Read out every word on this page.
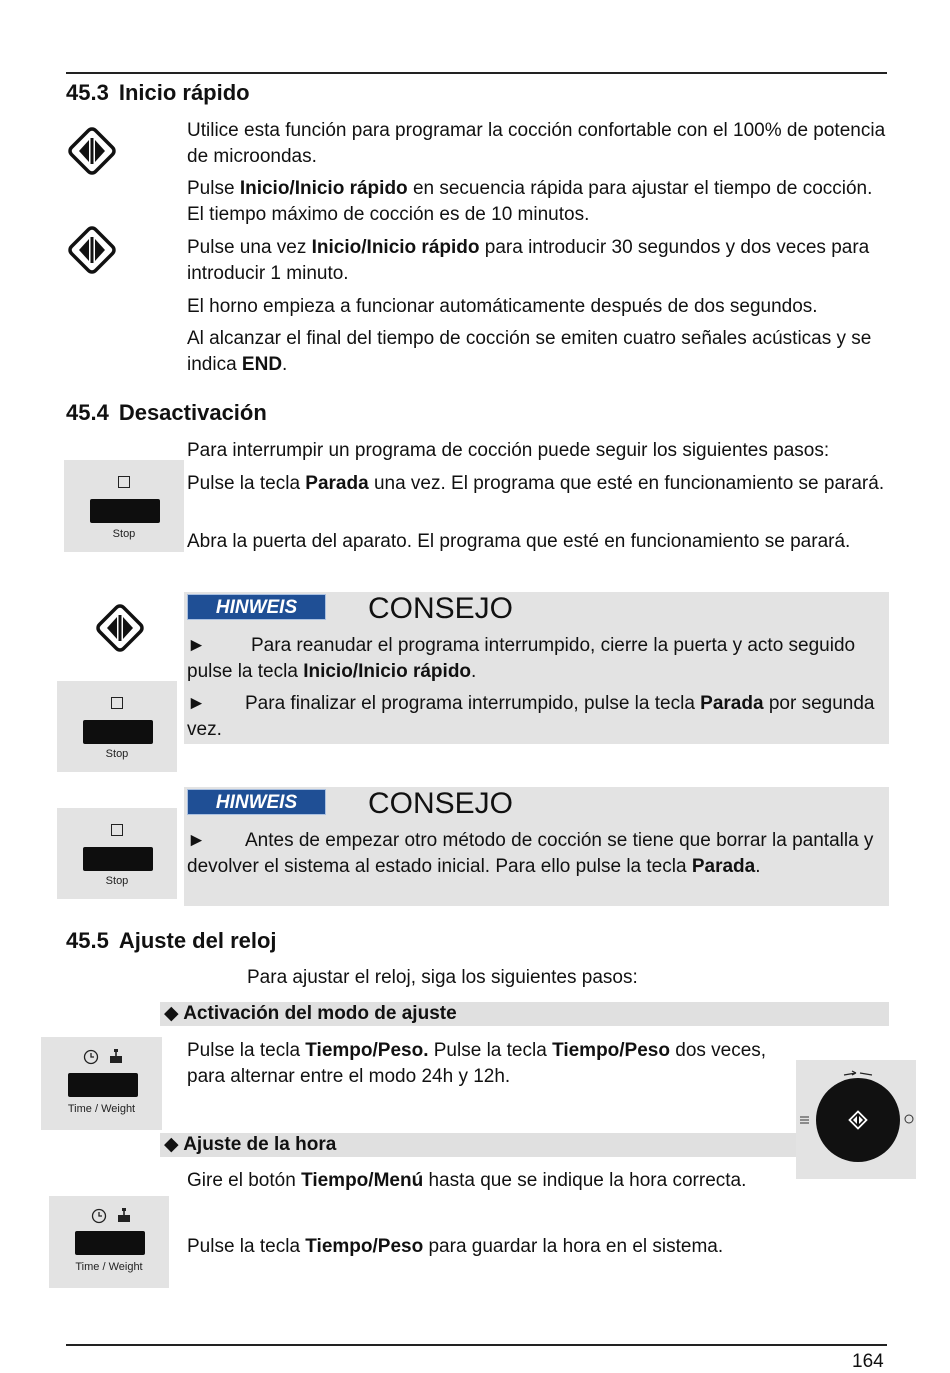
45.3 Inicio rápido
Utilice esta función para programar la cocción confortable con el 100% de potencia de microondas.
Pulse Inicio/Inicio rápido en secuencia rápida para ajustar el tiempo de cocción. El tiempo máximo de cocción es de 10 minutos.
Pulse una vez Inicio/Inicio rápido para introducir 30 segundos y dos veces para introducir 1 minuto.
El horno empieza a funcionar automáticamente después de dos segundos.
Al alcanzar el final del tiempo de cocción se emiten cuatro señales acústicas y se indica END.
45.4 Desactivación
Para interrumpir un programa de cocción puede seguir los siguientes pasos:
Stop
Pulse la tecla Parada una vez. El programa que esté en funcionamiento se parará.
Abra la puerta del aparato. El programa que esté en funcionamiento se parará.
HINWEIS	CONSEJO
► Para reanudar el programa interrumpido, cierre la puerta y acto seguido pulse la tecla Inicio/Inicio rápido.
► Para finalizar el programa interrumpido, pulse la tecla Parada por segunda vez.
Stop
HINWEIS	CONSEJO
► Antes de empezar otro método de cocción se tiene que borrar la pantalla y devolver el sistema al estado inicial. Para ello pulse la tecla Parada.
Stop
45.5 Ajuste del reloj
Para ajustar el reloj, siga los siguientes pasos:
◆ Activación del modo de ajuste
Time / Weight
Pulse la tecla Tiempo/Peso. Pulse la tecla Tiempo/Peso dos veces, para alternar entre el modo 24h y 12h.
◆ Ajuste de la hora
Gire el botón Tiempo/Menú hasta que se indique la hora correcta.
Time / Weight
Pulse la tecla Tiempo/Peso para guardar la hora en el sistema.
164
